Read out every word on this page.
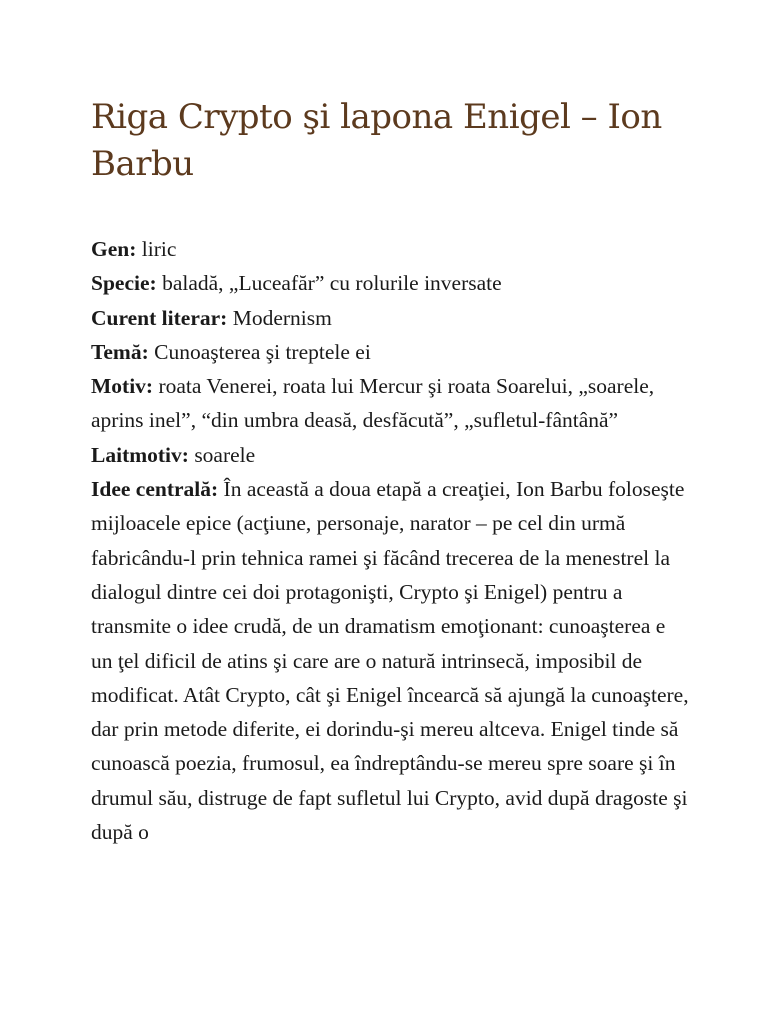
Riga Crypto şi lapona Enigel – Ion Barbu

Gen: liric

Specie: baladă, „Luceafăr” cu rolurile inversate

Curent literar: Modernism

Temă: Cunoaşterea şi treptele ei

Motiv: roata Venerei, roata lui Mercur şi roata Soarelui, „soarele, aprins inel”, “din umbra deasă, desfăcută”, „sufletul-fântână”

Laitmotiv: soarele

Idee centrală: În această a doua etapă a creaţiei, Ion Barbu foloseşte mijloacele epice (acţiune, personaje, narator – pe cel din urmă fabricându-l prin tehnica ramei şi făcând trecerea de la menestrel la dialogul dintre cei doi protagonişti, Crypto şi Enigel) pentru a transmite o idee crudă, de un dramatism emoţionant: cunoaşterea e un ţel dificil de atins şi care are o natură intrinsecă, imposibil de modificat. Atât Crypto, cât şi Enigel încearcă să ajungă la cunoaştere, dar prin metode diferite, ei dorindu-şi mereu altceva. Enigel tinde să cunoască poezia, frumosul, ea îndreptându-se mereu spre soare şi în drumul său, distruge de fapt sufletul lui Crypto, avid după dragoste şi după o
